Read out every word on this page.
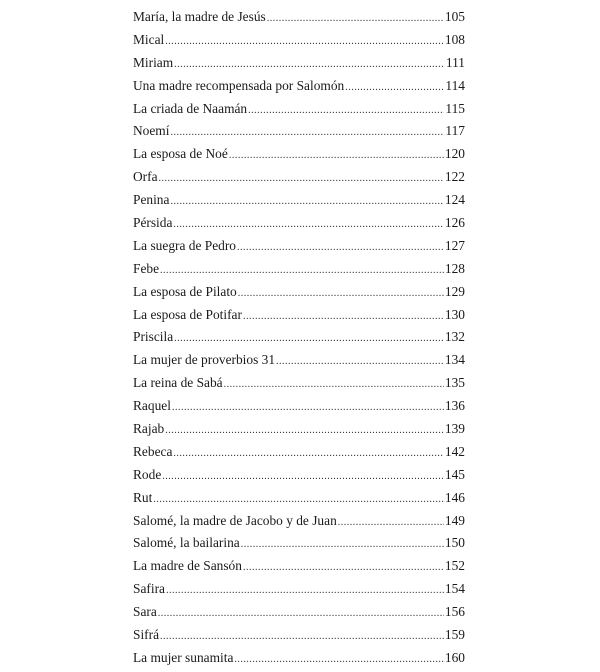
María, la madre de Jesús .....	105
Mical .....	108
Miriam .....	111
Una madre recompensada por Salomón .....	114
La criada de Naamán .....	115
Noemí .....	117
La esposa de Noé .....	120
Orfa .....	122
Penina .....	124
Pérsida .....	126
La suegra de Pedro .....	127
Febe .....	128
La esposa de Pilato .....	129
La esposa de Potifar .....	130
Priscila .....	132
La mujer de proverbios 31 .....	134
La reina de Sabá .....	135
Raquel .....	136
Rajab .....	139
Rebeca .....	142
Rode .....	145
Rut .....	146
Salomé, la madre de Jacobo y de Juan .....	149
Salomé, la bailarina .....	150
La madre de Sansón .....	152
Safira .....	154
Sara .....	156
Sifrá .....	159
La mujer sunamita .....	160
